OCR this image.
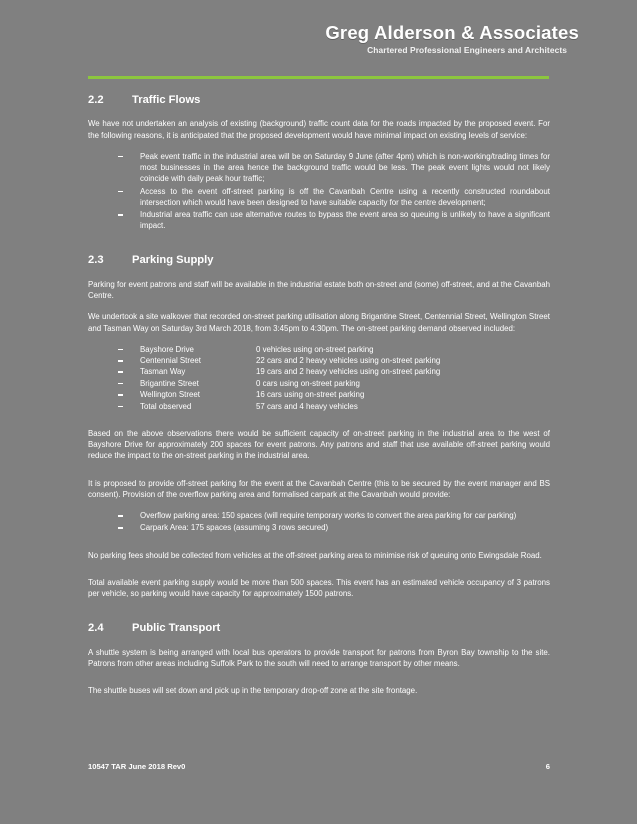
Greg Alderson & Associates
Chartered Professional Engineers and Architects
2.2	Traffic Flows

We have not undertaken an analysis of existing (background) traffic count data for the roads impacted by the proposed event. For the following reasons, it is anticipated that the proposed development would have minimal impact on existing levels of service:

Peak event traffic in the industrial area will be on Saturday 9 June (after 4pm) which is non-working/trading times for most businesses in the area hence the background traffic would be less. The peak event lights would not likely coincide with daily peak hour traffic;
Access to the event off-street parking is off the Cavanbah Centre using a recently constructed roundabout intersection which would have been designed to have suitable capacity for the centre development;
Industrial area traffic can use alternative routes to bypass the event area so queuing is unlikely to have a significant impact.
2.3	Parking Supply

Parking for event patrons and staff will be available in the industrial estate both on-street and (some) off-street, and at the Cavanbah Centre.

We undertook a site walkover that recorded on-street parking utilisation along Brigantine Street, Centennial Street, Wellington Street and Tasman Way on Saturday 3rd March 2018, from 3:45pm to 4:30pm. The on-street parking demand observed included:

Bayshore Drive	0 vehicles using on-street parking
Centennial Street	22 cars and 2 heavy vehicles using on-street parking
Tasman Way	19 cars and 2 heavy vehicles using on-street parking
Brigantine Street	0 cars using on-street parking
Wellington Street	16 cars using on-street parking
Total observed	57 cars and 4 heavy vehicles

Based on the above observations there would be sufficient capacity of on-street parking in the industrial area to the west of Bayshore Drive for approximately 200 spaces for event patrons. Any patrons and staff that use available off-street parking would reduce the impact to the on-street parking in the industrial area.

It is proposed to provide off-street parking for the event at the Cavanbah Centre (this to be secured by the event manager and BS consent). Provision of the overflow parking area and formalised carpark at the Cavanbah would provide:

Overflow parking area: 150 spaces (will require temporary works to convert the area parking for car parking)
Carpark Area: 175 spaces (assuming 3 rows secured)

No parking fees should be collected from vehicles at the off-street parking area to minimise risk of queuing onto Ewingsdale Road.

Total available event parking supply would be more than 500 spaces. This event has an estimated vehicle occupancy of 3 patrons per vehicle, so parking would have capacity for approximately 1500 patrons.

2.4	Public Transport

A shuttle system is being arranged with local bus operators to provide transport for patrons from Byron Bay township to the site. Patrons from other areas including Suffolk Park to the south will need to arrange transport by other means.

The shuttle buses will set down and pick up in the temporary drop-off zone at the site frontage.

10547 TAR June 2018 Rev0	6
